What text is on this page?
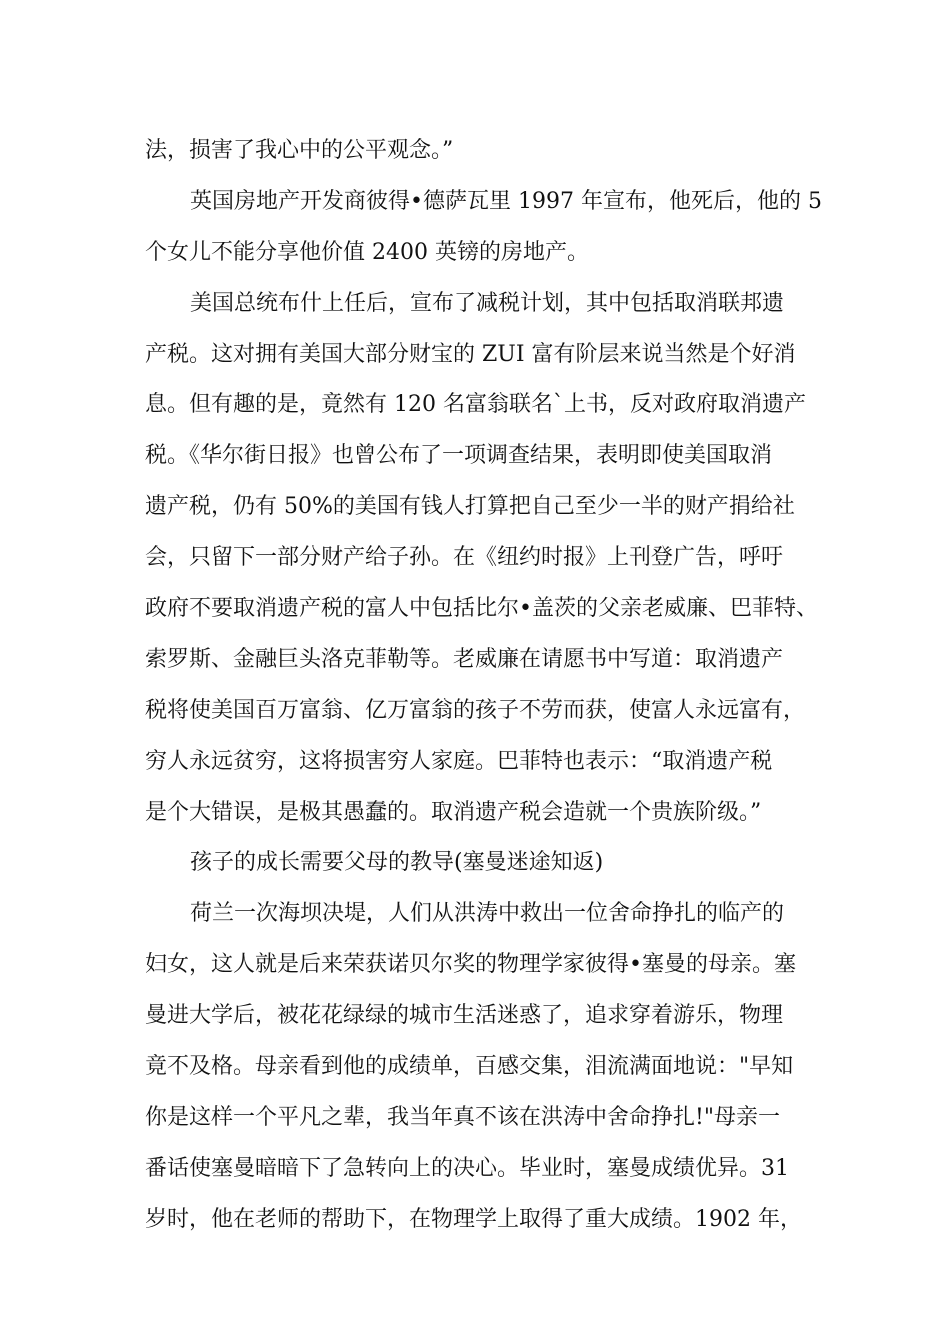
法，损害了我心中的公平观念。”
英国房地产开发商彼得•德萨瓦里 1997 年宣布，他死后，他的 5
个女儿不能分享他价值 2400 英镑的房地产。
美国总统布什上任后，宣布了减税计划，其中包括取消联邦遗
产税。这对拥有美国大部分财宝的 ZUI 富有阶层来说当然是个好消
息。但有趣的是，竟然有 120 名富翁联名`上书，反对政府取消遗产
税。《华尔街日报》也曾公布了一项调查结果，表明即使美国取消
遗产税，仍有 50%的美国有钱人打算把自己至少一半的财产捐给社
会，只留下一部分财产给子孙。在《纽约时报》上刊登广告，呼吁
政府不要取消遗产税的富人中包括比尔•盖茨的父亲老威廉、巴菲特、
索罗斯、金融巨头洛克菲勒等。老威廉在请愿书中写道：取消遗产
税将使美国百万富翁、亿万富翁的孩子不劳而获，使富人永远富有，
穷人永远贫穷，这将损害穷人家庭。巴菲特也表示：“取消遗产税
是个大错误，是极其愚蠢的。取消遗产税会造就一个贵族阶级。”
孩子的成长需要父母的教导(塞曼迷途知返)
荷兰一次海坝决堤，人们从洪涛中救出一位舍命挣扎的临产的
妇女，这人就是后来荣获诺贝尔奖的物理学家彼得•塞曼的母亲。塞
曼进大学后，被花花绿绿的城市生活迷惑了，追求穿着游乐，物理
竟不及格。母亲看到他的成绩单，百感交集，泪流满面地说："早知
你是这样一个平凡之辈，我当年真不该在洪涛中舍命挣扎!"母亲一
番话使塞曼暗暗下了急转向上的决心。毕业时，塞曼成绩优异。31
岁时，他在老师的帮助下，在物理学上取得了重大成绩。1902 年，
